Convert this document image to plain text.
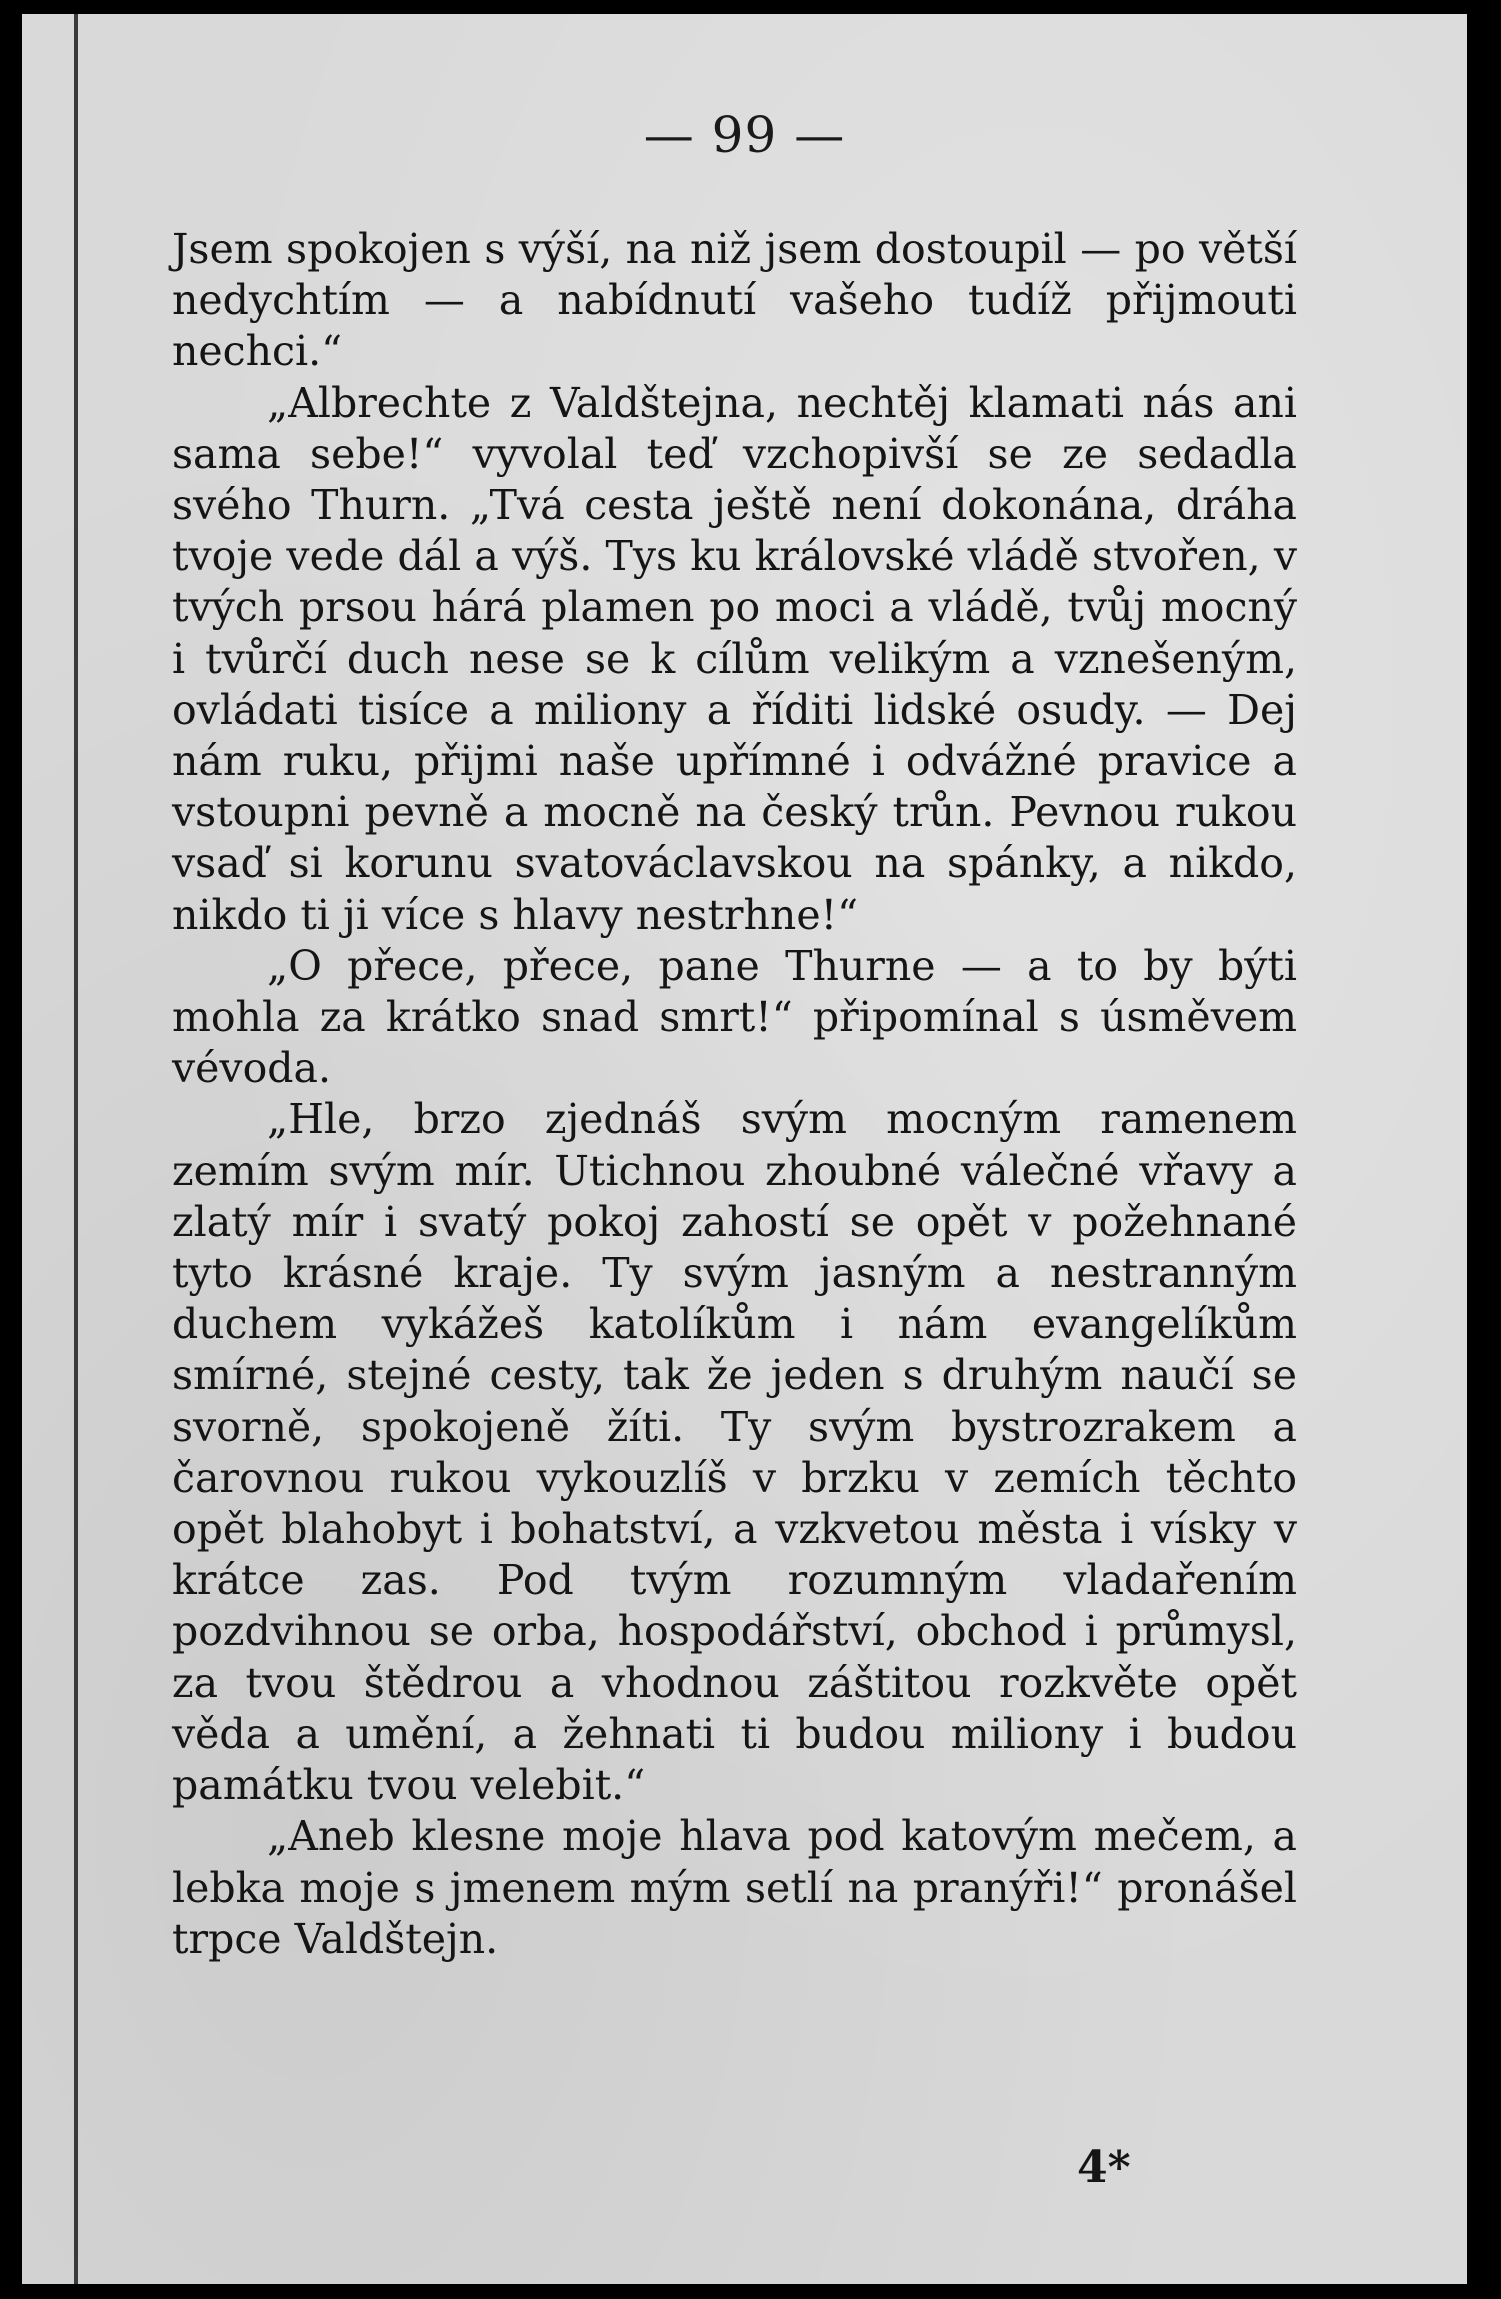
— 99 —

Jsem spokojen s výší, na niž jsem dostoupil — po větší nedychtím — a nabídnutí vašeho tudíž přijmouti nechci.“

„Albrechte z Valdštejna, nechtěj klamati nás ani sama sebe!“ vyvolal teď vzchopivší se ze sedadla svého Thurn. „Tvá cesta ještě není dokonána, dráha tvoje vede dál a výš. Tys ku královské vládě stvořen, v tvých prsou hárá plamen po moci a vládě, tvůj mocný i tvůrčí duch nese se k cílům velikým a vznešeným, ovládati tisíce a miliony a říditi lidské osudy. — Dej nám ruku, přijmi naše upřímné i odvážné pravice a vstoupni pevně a mocně na český trůn. Pevnou rukou vsaď si korunu svatováclavskou na spánky, a nikdo, nikdo ti ji více s hlavy nestrhne!“

„O přece, přece, pane Thurne — a to by býti mohla za krátko snad smrt!“ připomínal s úsměvem vévoda.

„Hle, brzo zjednáš svým mocným ramenem zemím svým mír. Utichnou zhoubné válečné vřavy a zlatý mír i svatý pokoj zahostí se opět v požehnané tyto krásné kraje. Ty svým jasným a nestranným duchem vykážeš katolíkům i nám evangelíkům smírné, stejné cesty, tak že jeden s druhým naučí se svorně, spokojeně žíti. Ty svým bystrozrakem a čarovnou rukou vykouzlíš v brzku v zemích těchto opět blahobyt i bohatství, a vzkvetou města i vísky v krátce zas. Pod tvým rozumným vladařením pozdvihnou se orba, hospodářství, obchod i průmysl, za tvou štědrou a vhodnou záštitou rozkvěte opět věda a umění, a žehnati ti budou miliony i budou památku tvou velebit.“

„Aneb klesne moje hlava pod katovým mečem, a lebka moje s jmenem mým setlí na pranýři!“ pronášel trpce Valdštejn.

4*
